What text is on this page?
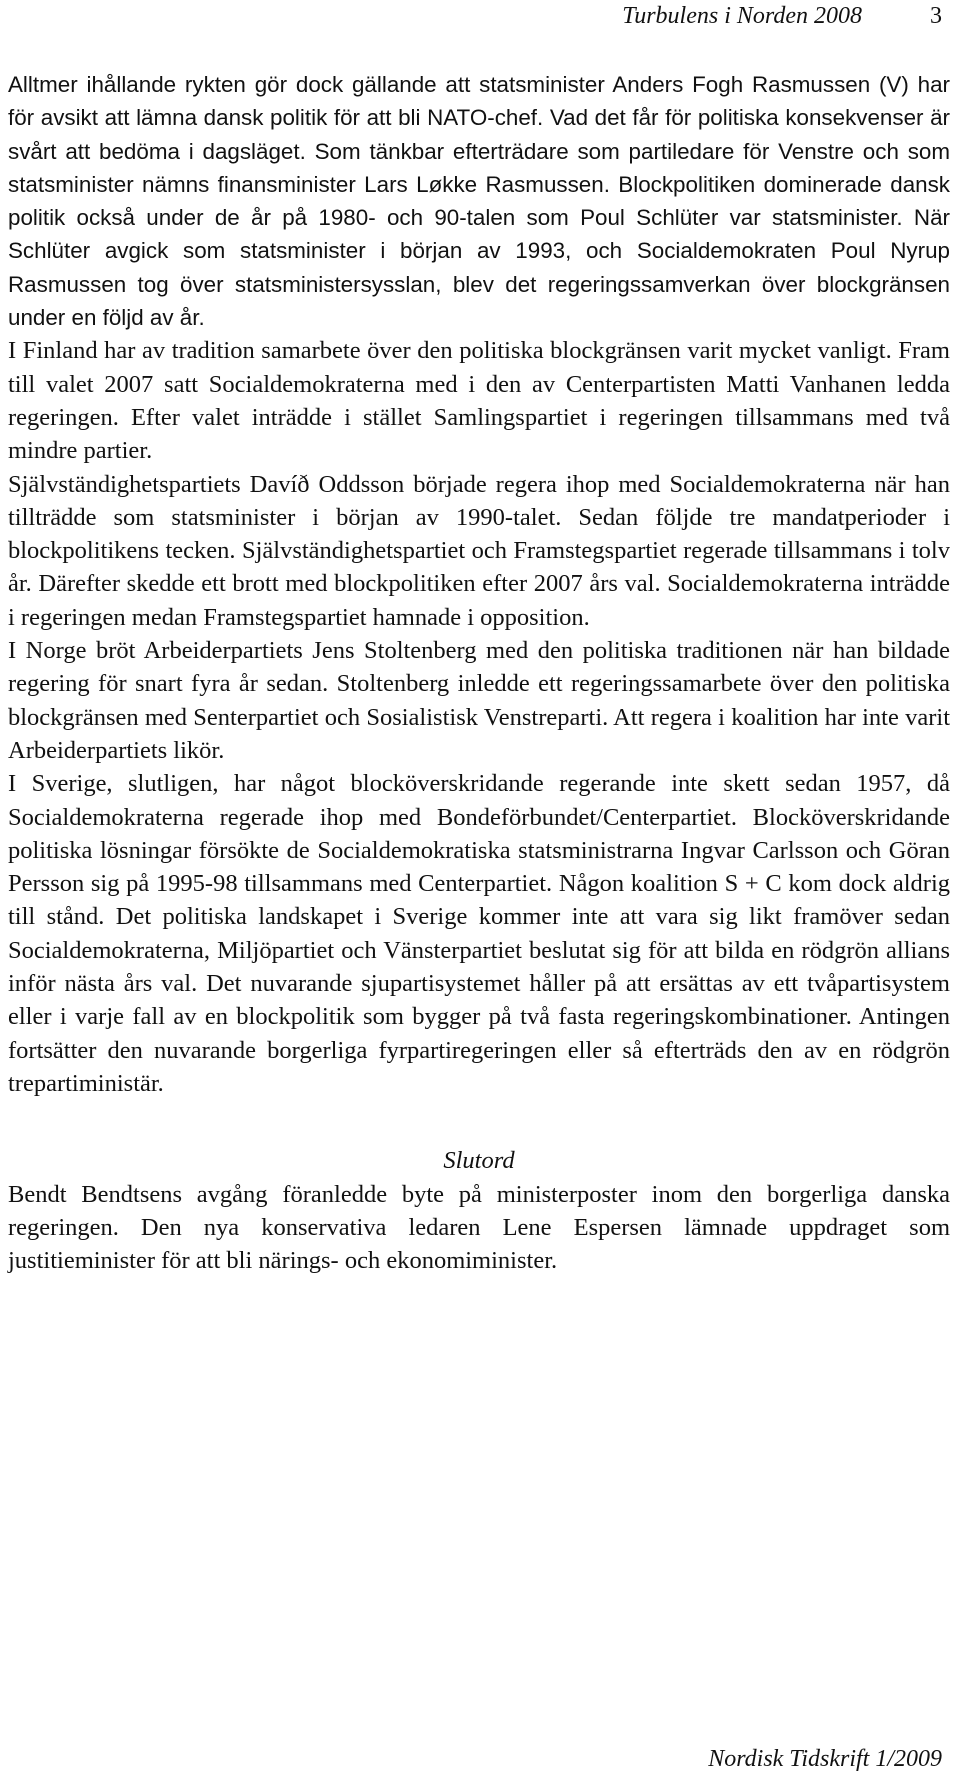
Turbulens i Norden 2008	3

Alltmer ihållande rykten gör dock gällande att statsminister Anders Fogh Rasmussen (V) har för avsikt att lämna dansk politik för att bli NATO-chef. Vad det får för politiska konsekvenser är svårt att bedöma i dagsläget. Som tänkbar efterträdare som partiledare för Venstre och som statsminister nämns finansminister Lars Løkke Rasmussen. Blockpolitiken dominerade dansk politik också under de år på 1980- och 90-talen som Poul Schlüter var statsminister. När Schlüter avgick som statsminister i början av 1993, och Socialdemokraten Poul Nyrup Rasmussen tog över statsministersysslan, blev det regeringssamverkan över blockgränsen under en följd av år.

I Finland har av tradition samarbete över den politiska blockgränsen varit mycket vanligt. Fram till valet 2007 satt Socialdemokraterna med i den av Centerpartisten Matti Vanhanen ledda regeringen. Efter valet inträdde i stället Samlingspartiet i regeringen tillsammans med två mindre partier.

Självständighetspartiets Davíð Oddsson började regera ihop med Socialdemokraterna när han tillträdde som statsminister i början av 1990-talet. Sedan följde tre mandatperioder i blockpolitikens tecken. Självständighetspartiet och Framstegspartiet regerade tillsammans i tolv år. Därefter skedde ett brott med blockpolitiken efter 2007 års val. Socialdemokraterna inträdde i regeringen medan Framstegspartiet hamnade i opposition.

I Norge bröt Arbeiderpartiets Jens Stoltenberg med den politiska traditionen när han bildade regering för snart fyra år sedan. Stoltenberg inledde ett regeringssamarbete över den politiska blockgränsen med Senterpartiet och Sosialistisk Venstreparti. Att regera i koalition har inte varit Arbeiderpartiets likör.

I Sverige, slutligen, har något blocköverskridande regerande inte skett sedan 1957, då Socialdemokraterna regerade ihop med Bondeförbundet/Centerpartiet. Blocköverskridande politiska lösningar försökte de Socialdemokratiska statsministrarna Ingvar Carlsson och Göran Persson sig på 1995-98 tillsammans med Centerpartiet. Någon koalition S + C kom dock aldrig till stånd. Det politiska landskapet i Sverige kommer inte att vara sig likt framöver sedan Socialdemokraterna, Miljöpartiet och Vänsterpartiet beslutat sig för att bilda en rödgrön allians inför nästa års val. Det nuvarande sjupartisystemet håller på att ersättas av ett tvåpartisystem eller i varje fall av en blockpolitik som bygger på två fasta regeringskombinationer. Antingen fortsätter den nuvarande borgerliga fyrpartiregeringen eller så efterträds den av en rödgrön trepartiministär.

Slutord

Bendt Bendtsens avgång föranledde byte på ministerposter inom den borgerliga danska regeringen. Den nya konservativa ledaren Lene Espersen lämnade uppdraget som justitieminister för att bli närings- och ekonomiminister.

Nordisk Tidskrift 1/2009
